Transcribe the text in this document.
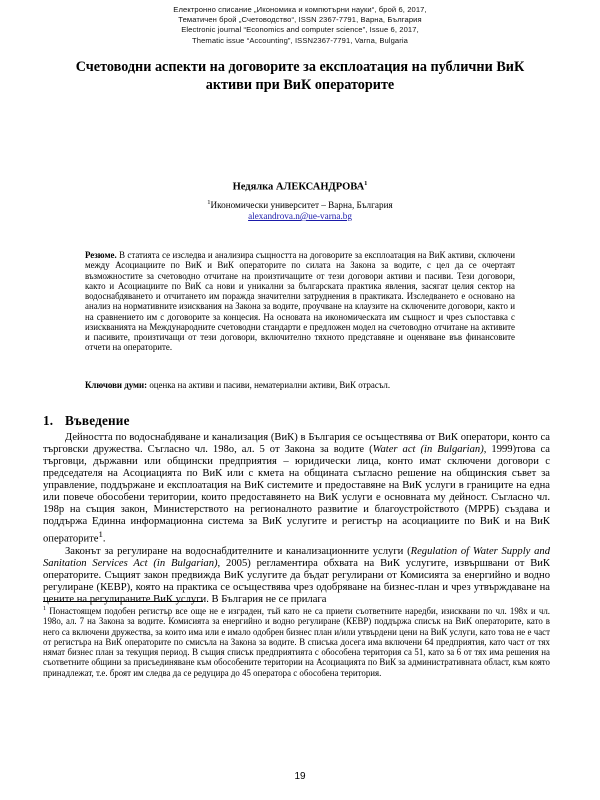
Електронно списание „Икономика и компютърни науки“, брой 6, 2017,
Тематичен брой „Счетоводство“, ISSN 2367-7791, Варна, България
Electronic journal “Economics and computer science”, Issue 6, 2017,
Thematic issue “Accounting”, ISSN2367-7791, Varna, Bulgaria
Счетоводни аспекти на договорите за експлоатация на публични ВиК активи при ВиК операторите
Недялка АЛЕКСАНДРОВА$^1$
$^1$Икономически университет – Варна, България
alexandrova.n@ue-varna.bg
Резюме. В статията се изследва и анализира същността на договорите за експлоатация на ВиК активи, сключени между Асоциациите по ВиК и ВиК операторите по силата на Закона за водите, с цел да се очертаят възможностите за счетоводно отчитане на произтичащите от тези договори активи и пасиви. Тези договори, както и Асоциациите по ВиК са нови и уникални за българската практика явления, засягат целия сектор на водоснабдяването и отчитането им поражда значителни затруднения в практиката. Изследването е основано на анализ на нормативните изисквания на Закона за водите, проучване на клаузите на сключените договори, както и на сравнението им с договорите за концесия. На основата на икономическата им същност и чрез съпоставка с изискванията на Международните счетоводни стандарти е предложен модел на счетоводно отчитане на активите и пасивите, произтичащи от тези договори, включително тяхното представяне и оценяване във финансовите отчети на операторите.
Ключови думи: оценка на активи и пасиви, нематериални активи, ВиК отрасъл.
1. Въведение

Дейността по водоснабдяване и канализация (ВиК) в България се осъществява от ВиК оператори, конто са търговски дружества. Съгласно чл. 198о, ал. 5 от Закона за водите (Water act (in Bulgarian), 1999)това са търговци, държавни или общински предприятия – юридически лица, конто имат сключени договори с председателя на Асоциацията по ВиК или с кмета на общината съгласно решение на общинския съвет за управление, поддържане и експлоатация на ВиК системите и предоставяне на ВиК услуги в границите на една или повече обособени територии, които предоставянето на ВиК услуги е основната му дейност. Съгласно чл. 198р на същия закон, Министерството на регионалното развитие и благоустройството (МРРБ) създава и поддържа Единна информационна система за ВиК услугите и регистър на асоциациите по ВиК и на ВиК операторите$^1$.

Законът за регулиране на водоснабдителните и канализационните услуги (Regulation of Water Supply and Sanitation Services Act (in Bulgarian), 2005) регламентира обхвата на ВиК услугите, извършвани от ВиК операторите. Същият закон предвижда ВиК услугите да бъдат регулирани от Комисията за енергийно и водно регулиране (КЕВР), която на практика се осъществява чрез одобряване на бизнес-план и чрез утвърждаване на цените на регулираните ВиК услуги. В България не се прилага

$^1$ Понастоящем подобен регистър все още не е изграден, тъй като не са приети съответните наредби, изисквани по чл. 198х и чл. 198о, ал. 7 на Закона за водите. Комисията за енергийно и водно регулиране (КЕВР) поддържа списък на ВиК операторите, като в него са включени дружества, за които има или е имало одобрен бизнес план и/или утвърдени цени на ВиК услуги, като това не е част от регистъра на ВиК операторите по смисъла на Закона за водите. В списъка досега има включени 64 предприятия, като част от тях нямат бизнес план за текущия период. В същия списък предприятията с обособена територия са 51, като за 6 от тях има решения на съответните общини за присъединяване към обособените територии на Асоциацията по ВиК за административната област, към която принадлежат, т.е. броят им следва да се редуцира до 45 оператора с обособена територия.
19
